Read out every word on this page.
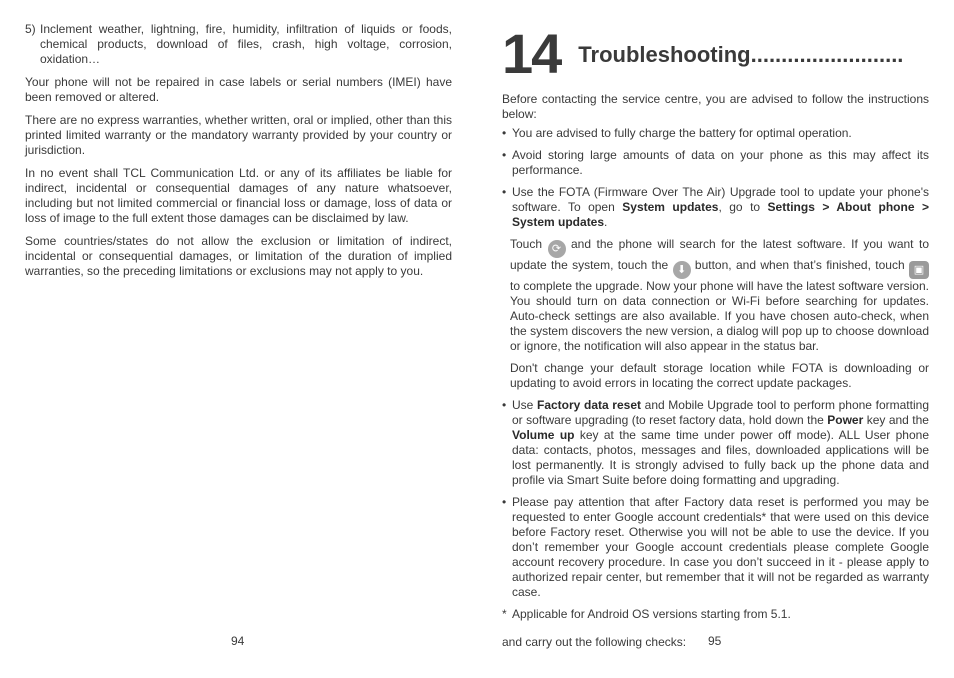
5) Inclement weather, lightning, fire, humidity, infiltration of liquids or foods, chemical products, download of files, crash, high voltage, corrosion, oxidation…

Your phone will not be repaired in case labels or serial numbers (IMEI) have been removed or altered.

There are no express warranties, whether written, oral or implied, other than this printed limited warranty or the mandatory warranty provided by your country or jurisdiction.

In no event shall TCL Communication Ltd. or any of its affiliates be liable for indirect, incidental or consequential damages of any nature whatsoever, including but not limited commercial or financial loss or damage, loss of data or loss of image to the full extent those damages can be disclaimed by law.

Some countries/states do not allow the exclusion or limitation of indirect, incidental or consequential damages, or limitation of the duration of implied warranties, so the preceding limitations or exclusions may not apply to you.

94
14 Troubleshooting.........................

Before contacting the service centre, you are advised to follow the instructions below:

• You are advised to fully charge the battery for optimal operation.
• Avoid storing large amounts of data on your phone as this may affect its performance.
• Use the FOTA (Firmware Over The Air) Upgrade tool to update your phone's software. To open System updates, go to Settings > About phone > System updates.

Touch ⟳ and the phone will search for the latest software. If you want to update the system, touch the ⬇ button, and when that’s finished, touch ▣ to complete the upgrade. Now your phone will have the latest software version. You should turn on data connection or Wi-Fi before searching for updates. Auto-check settings are also available. If you have chosen auto-check, when the system discovers the new version, a dialog will pop up to choose download or ignore, the notification will also appear in the status bar.

Don't change your default storage location while FOTA is downloading or updating to avoid errors in locating the correct update packages.

• Use Factory data reset and Mobile Upgrade tool to perform phone formatting or software upgrading (to reset factory data, hold down the Power key and the Volume up key at the same time under power off mode). ALL User phone data: contacts, photos, messages and files, downloaded applications will be lost permanently. It is strongly advised to fully back up the phone data and profile via Smart Suite before doing formatting and upgrading.
• Please pay attention that after Factory data reset is performed you may be requested to enter Google account credentials* that were used on this device before Factory reset. Otherwise you will not be able to use the device. If you don’t remember your Google account credentials please complete Google account recovery procedure. In case you don’t succeed in it - please apply to authorized repair center, but remember that it will not be regarded as warranty case.
* Applicable for Android OS versions starting from 5.1.

and carry out the following checks:	95
